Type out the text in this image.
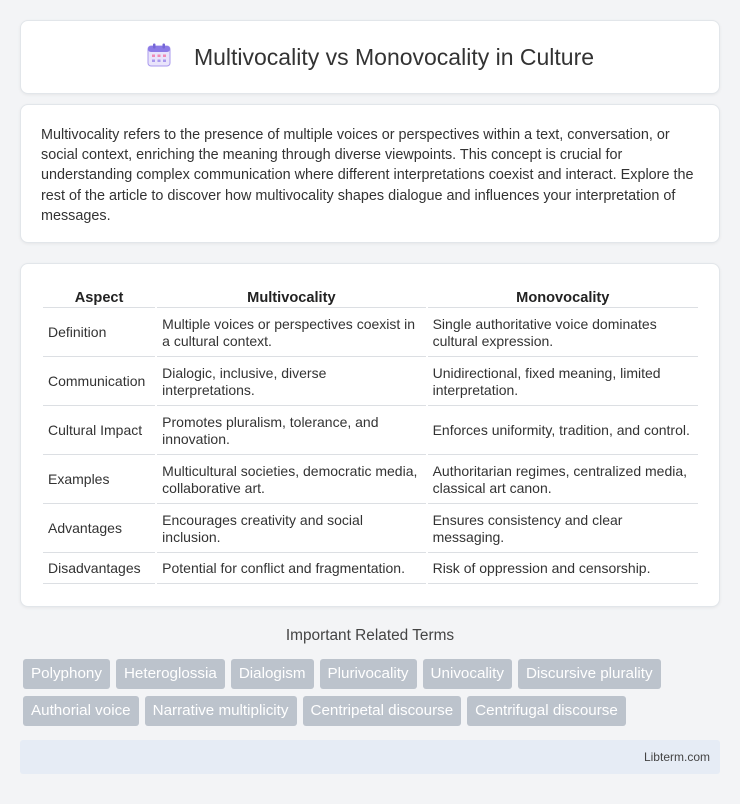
Multivocality vs Monovocality in Culture

Multivocality refers to the presence of multiple voices or perspectives within a text, conversation, or social context, enriching the meaning through diverse viewpoints. This concept is crucial for understanding complex communication where different interpretations coexist and interact. Explore the rest of the article to discover how multivocality shapes dialogue and influences your interpretation of messages.

Aspect	Multivocality	Monovocality
Definition	Multiple voices or perspectives coexist in a cultural context.	Single authoritative voice dominates cultural expression.
Communication	Dialogic, inclusive, diverse interpretations.	Unidirectional, fixed meaning, limited interpretation.
Cultural Impact	Promotes pluralism, tolerance, and innovation.	Enforces uniformity, tradition, and control.
Examples	Multicultural societies, democratic media, collaborative art.	Authoritarian regimes, centralized media, classical art canon.
Advantages	Encourages creativity and social inclusion.	Ensures consistency and clear messaging.
Disadvantages	Potential for conflict and fragmentation.	Risk of oppression and censorship.
Important Related Terms
Polyphony	Heteroglossia	Dialogism	Plurivocality	Univocality	Discursive plurality
Authorial voice	Narrative multiplicity	Centripetal discourse	Centrifugal discourse
Libterm.com
